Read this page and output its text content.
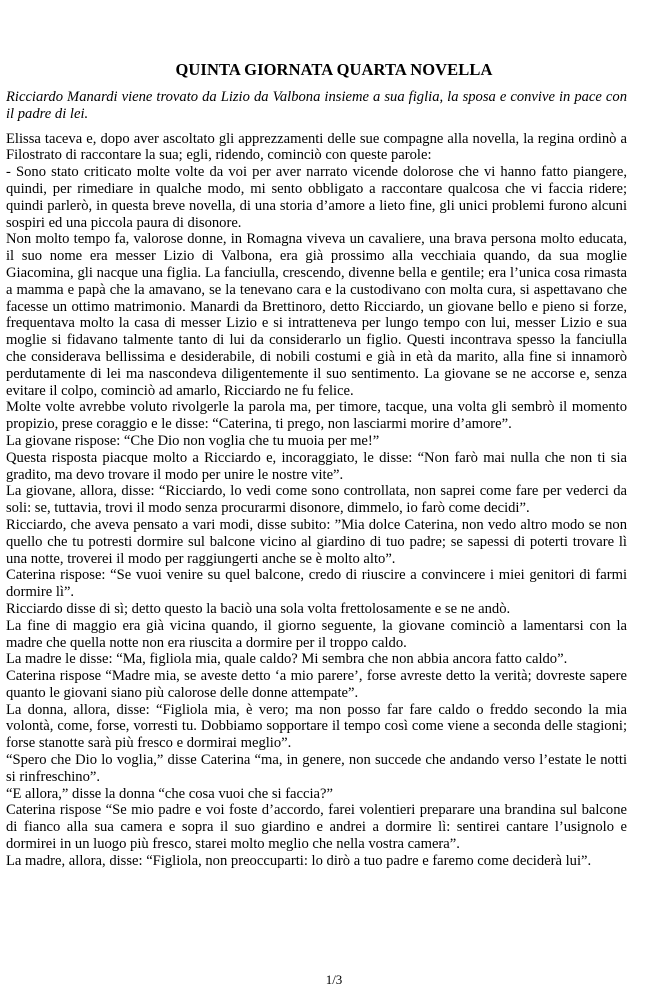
QUINTA GIORNATA QUARTA NOVELLA

Ricciardo Manardi viene trovato da Lizio da Valbona insieme a sua figlia, la sposa e convive in pace con il padre di lei.

Elissa taceva e, dopo aver ascoltato gli apprezzamenti delle sue compagne alla novella, la regina ordinò a Filostrato di raccontare la sua; egli, ridendo, cominciò con queste parole:

- Sono stato criticato molte volte da voi per aver narrato vicende dolorose che vi hanno fatto piangere, quindi, per rimediare in qualche modo, mi sento obbligato a raccontare qualcosa che vi faccia ridere; quindi parlerò, in questa breve novella, di una storia d’amore a lieto fine, gli unici problemi furono alcuni sospiri ed una piccola paura di disonore.

Non molto tempo fa, valorose donne, in Romagna viveva un cavaliere, una brava persona molto educata, il suo nome era messer Lizio di Valbona, era già prossimo alla vecchiaia quando, da sua moglie Giacomina, gli nacque una figlia. La fanciulla, crescendo, divenne bella e gentile; era l’unica cosa rimasta a mamma e papà che la amavano, se la tenevano cara e la custodivano con molta cura, si aspettavano che facesse un ottimo matrimonio. Manardi da Brettinoro, detto Ricciardo, un giovane bello e pieno si forze, frequentava molto la casa di messer Lizio e si intratteneva per lungo tempo con lui, messer Lizio e sua moglie si fidavano talmente tanto di lui da considerarlo un figlio. Questi incontrava spesso la fanciulla che considerava bellissima e desiderabile, di nobili costumi e già in età da marito, alla fine si innamorò perdutamente di lei ma nascondeva diligentemente il suo sentimento. La giovane se ne accorse e, senza evitare il colpo, cominciò ad amarlo, Ricciardo ne fu felice.

Molte volte avrebbe voluto rivolgerle la parola ma, per timore, tacque, una volta gli sembrò il momento propizio, prese coraggio e le disse: “Caterina, ti prego, non lasciarmi morire d’amore”.

La giovane rispose: “Che Dio non voglia che tu muoia per me!”

Questa risposta piacque molto a Ricciardo e, incoraggiato, le disse: “Non farò mai nulla che non ti sia gradito, ma devo trovare il modo per unire le nostre vite”.

La giovane, allora, disse: “Ricciardo, lo vedi come sono controllata, non saprei come fare per vederci da soli: se, tuttavia, trovi il modo senza procurarmi disonore, dimmelo, io farò come decidi”.

Ricciardo, che aveva pensato a vari modi, disse subito: ”Mia dolce Caterina, non vedo altro modo se non quello che tu potresti dormire sul balcone vicino al giardino di tuo padre; se sapessi di poterti trovare lì una notte, troverei il modo per raggiungerti anche se è molto alto”.

Caterina rispose: “Se vuoi venire su quel balcone, credo di riuscire a convincere i miei genitori di farmi dormire lì”.

Ricciardo disse di sì; detto questo la baciò una sola volta frettolosamente e se ne andò.

La fine di maggio era già vicina quando, il giorno seguente, la giovane cominciò a lamentarsi con la madre che quella notte non era riuscita a dormire per il troppo caldo.

La madre le disse: “Ma, figliola mia, quale caldo? Mi sembra che non abbia ancora fatto caldo”.

Caterina rispose “Madre mia, se aveste detto ‘a mio parere’, forse avreste detto la verità; dovreste sapere quanto le giovani siano più calorose delle donne attempate”.

La donna, allora, disse: “Figliola mia, è vero; ma non posso far fare caldo o freddo secondo la mia volontà, come, forse, vorresti tu. Dobbiamo sopportare il tempo così come viene a seconda delle stagioni; forse stanotte sarà più fresco e dormirai meglio”.

“Spero che Dio lo voglia,” disse Caterina “ma, in genere, non succede che andando verso l’estate le notti si rinfreschino”.

“E allora,” disse la donna “che cosa vuoi che si faccia?”

Caterina rispose “Se mio padre e voi foste d’accordo, farei volentieri preparare una brandina sul balcone di fianco alla sua camera e sopra il suo giardino e andrei a dormire lì: sentirei cantare l’usignolo e dormirei in un luogo più fresco, starei molto meglio che nella vostra camera”.

La madre, allora, disse: “Figliola, non preoccuparti: lo dirò a tuo padre e faremo come deciderà lui”.

1/3
